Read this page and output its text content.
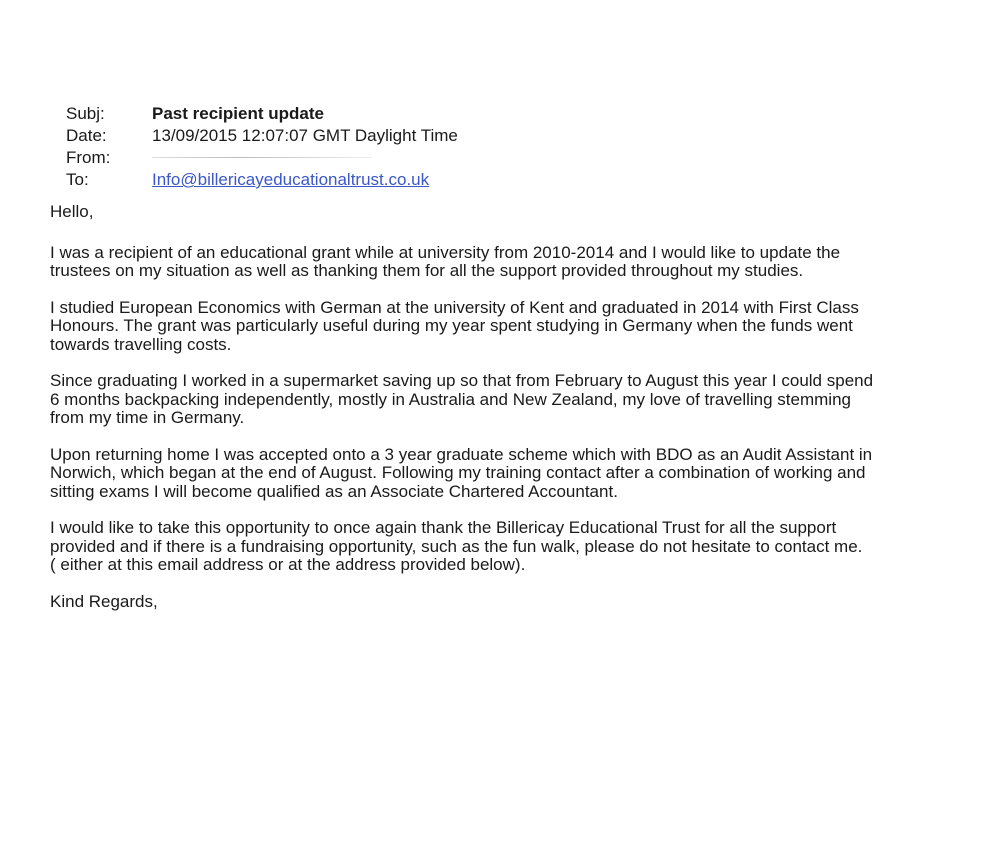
Subj:	Past recipient update
Date:	13/09/2015 12:07:07 GMT Daylight Time
From:
To:	Info@billericayeducationaltrust.co.uk

Hello,

I was a recipient of an educational grant while at university from 2010-2014 and I would like to update the
trustees on my situation as well as thanking them for all the support provided throughout my studies.

I studied European Economics with German at the university of Kent and graduated in 2014 with First Class
Honours. The grant was particularly useful during my year spent studying in Germany when the funds went
towards travelling costs.

Since graduating I worked in a supermarket saving up so that from February to August this year I could spend
6 months backpacking independently, mostly in Australia and New Zealand, my love of travelling stemming
from my time in Germany.

Upon returning home I was accepted onto a 3 year graduate scheme which with BDO as an Audit Assistant in
Norwich, which began at the end of August. Following my training contact after a combination of working and
sitting exams I will become qualified as an Associate Chartered Accountant.

I would like to take this opportunity to once again thank the Billericay Educational Trust for all the support
provided and if there is a fundraising opportunity, such as the fun walk, please do not hesitate to contact me.
( either at this email address or at the address provided below).

Kind Regards,
